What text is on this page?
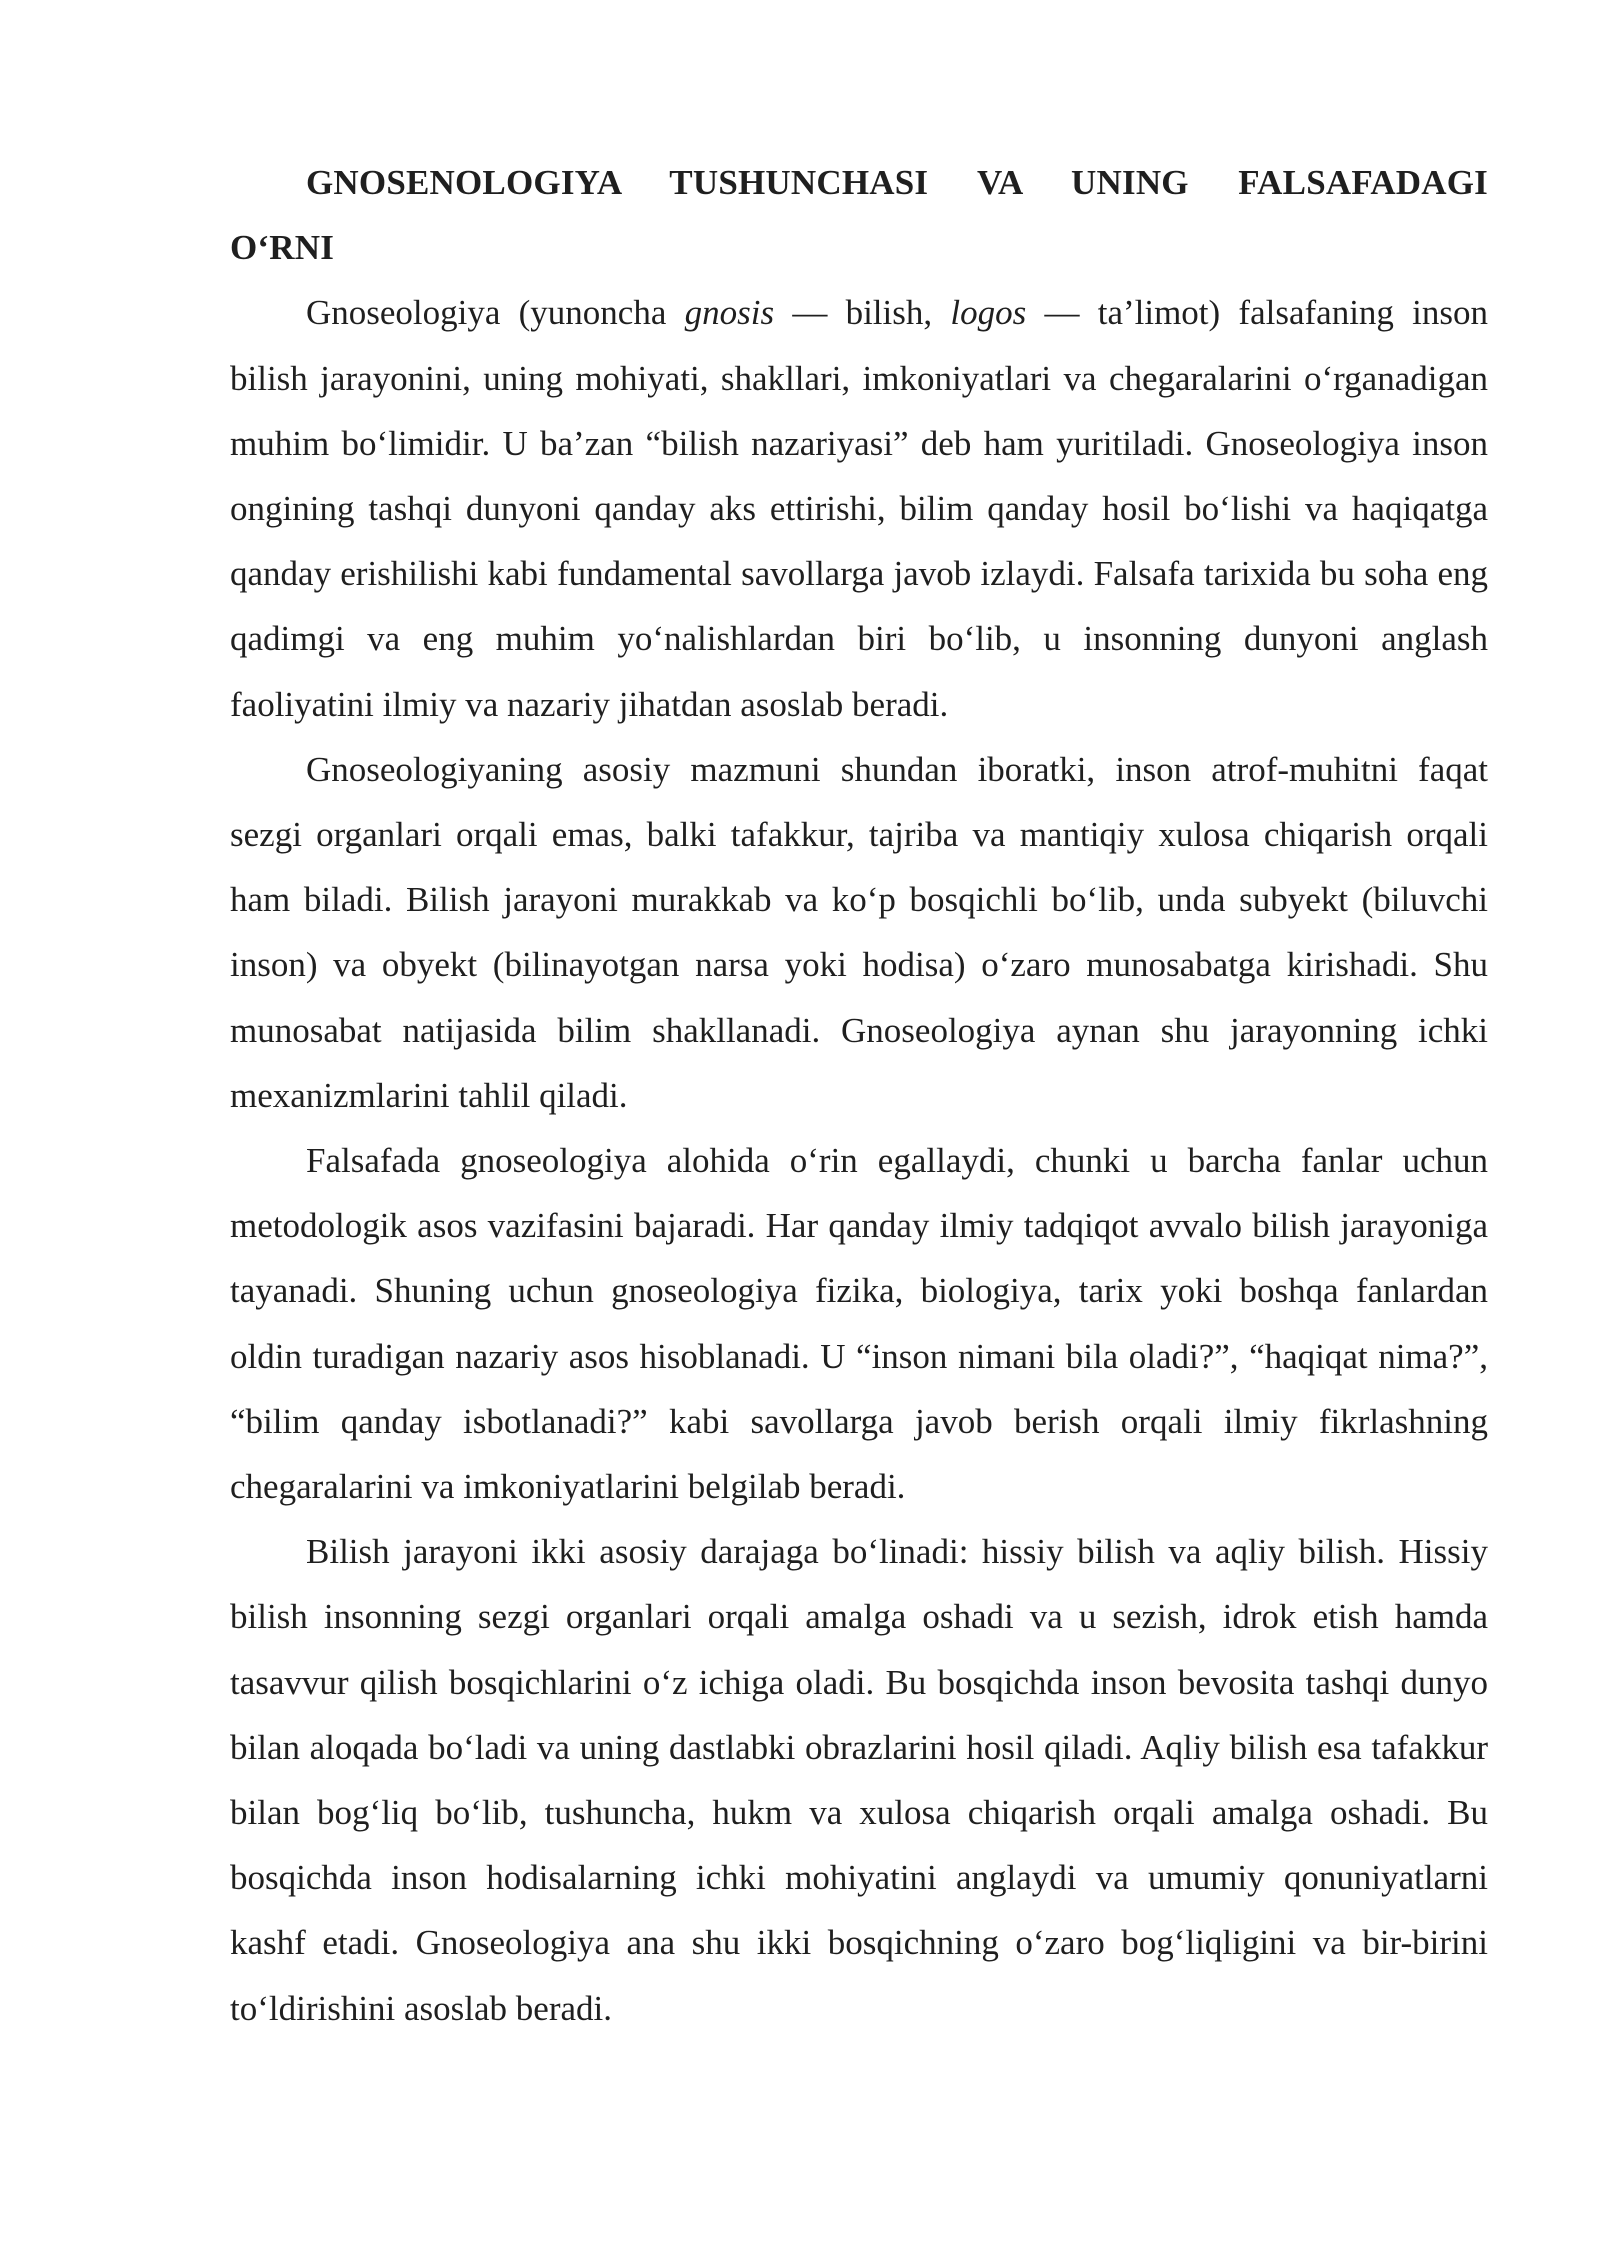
GNOSENOLOGIYA TUSHUNCHASI VA UNING FALSAFADAGI O‘RNI

Gnoseologiya (yunoncha gnosis — bilish, logos — ta’limot) falsafaning inson bilish jarayonini, uning mohiyati, shakllari, imkoniyatlari va chegaralarini o‘rganadigan muhim bo‘limidir. U ba’zan “bilish nazariyasi” deb ham yuritiladi. Gnoseologiya inson ongining tashqi dunyoni qanday aks ettirishi, bilim qanday hosil bo‘lishi va haqiqatga qanday erishilishi kabi fundamental savollarga javob izlaydi. Falsafa tarixida bu soha eng qadimgi va eng muhim yo‘nalishlardan biri bo‘lib, u insonning dunyoni anglash faoliyatini ilmiy va nazariy jihatdan asoslab beradi.

Gnoseologiyaning asosiy mazmuni shundan iboratki, inson atrof-muhitni faqat sezgi organlari orqali emas, balki tafakkur, tajriba va mantiqiy xulosa chiqarish orqali ham biladi. Bilish jarayoni murakkab va ko‘p bosqichli bo‘lib, unda subyekt (biluvchi inson) va obyekt (bilinayotgan narsa yoki hodisa) o‘zaro munosabatga kirishadi. Shu munosabat natijasida bilim shakllanadi. Gnoseologiya aynan shu jarayonning ichki mexanizmlarini tahlil qiladi.

Falsafada gnoseologiya alohida o‘rin egallaydi, chunki u barcha fanlar uchun metodologik asos vazifasini bajaradi. Har qanday ilmiy tadqiqot avvalo bilish jarayoniga tayanadi. Shuning uchun gnoseologiya fizika, biologiya, tarix yoki boshqa fanlardan oldin turadigan nazariy asos hisoblanadi. U “inson nimani bila oladi?”, “haqiqat nima?”, “bilim qanday isbotlanadi?” kabi savollarga javob berish orqali ilmiy fikrlashning chegaralarini va imkoniyatlarini belgilab beradi.

Bilish jarayoni ikki asosiy darajaga bo‘linadi: hissiy bilish va aqliy bilish. Hissiy bilish insonning sezgi organlari orqali amalga oshadi va u sezish, idrok etish hamda tasavvur qilish bosqichlarini o‘z ichiga oladi. Bu bosqichda inson bevosita tashqi dunyo bilan aloqada bo‘ladi va uning dastlabki obrazlarini hosil qiladi. Aqliy bilish esa tafakkur bilan bog‘liq bo‘lib, tushuncha, hukm va xulosa chiqarish orqali amalga oshadi. Bu bosqichda inson hodisalarning ichki mohiyatini anglaydi va umumiy qonuniyatlarni kashf etadi. Gnoseologiya ana shu ikki bosqichning o‘zaro bog‘liqligini va bir-birini to‘ldirishini asoslab beradi.
